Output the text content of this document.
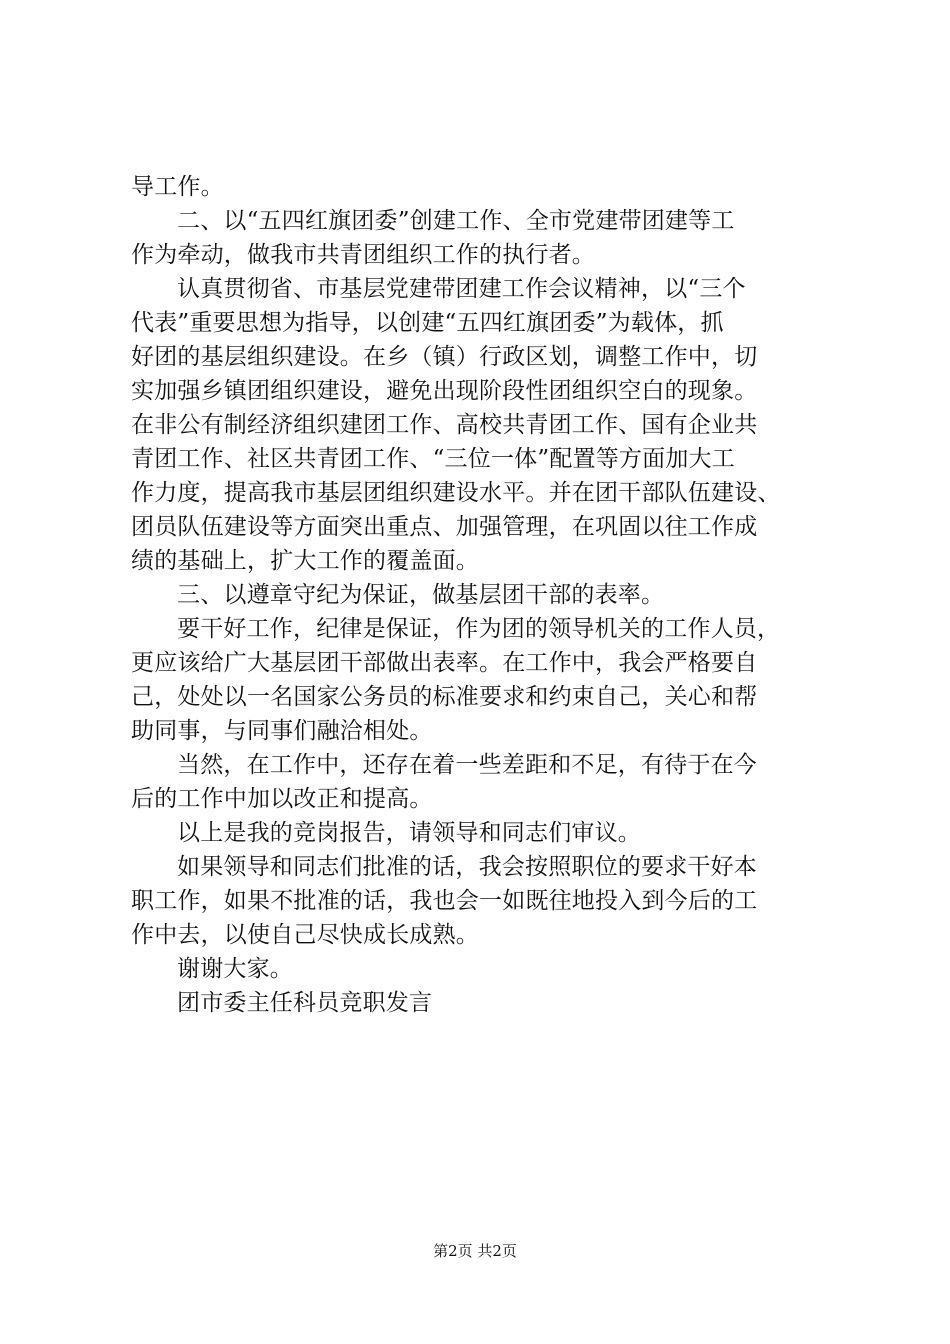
导工作。
二、以“五四红旗团委”创建工作、全市党建带团建等工
作为牵动，做我市共青团组织工作的执行者。
认真贯彻省、市基层党建带团建工作会议精神，以“三个
代表”重要思想为指导，以创建“五四红旗团委”为载体，抓
好团的基层组织建设。在乡（镇）行政区划，调整工作中，切
实加强乡镇团组织建设，避免出现阶段性团组织空白的现象。
在非公有制经济组织建团工作、高校共青团工作、国有企业共
青团工作、社区共青团工作、“三位一体”配置等方面加大工
作力度，提高我市基层团组织建设水平。并在团干部队伍建设、
团员队伍建设等方面突出重点、加强管理，在巩固以往工作成
绩的基础上，扩大工作的覆盖面。
三、以遵章守纪为保证，做基层团干部的表率。
要干好工作，纪律是保证，作为团的领导机关的工作人员，
更应该给广大基层团干部做出表率。在工作中，我会严格要自
己，处处以一名国家公务员的标准要求和约束自己，关心和帮
助同事，与同事们融洽相处。
当然，在工作中，还存在着一些差距和不足，有待于在今
后的工作中加以改正和提高。
以上是我的竞岗报告，请领导和同志们审议。
如果领导和同志们批准的话，我会按照职位的要求干好本
职工作，如果不批准的话，我也会一如既往地投入到今后的工
作中去，以使自己尽快成长成熟。
谢谢大家。
团市委主任科员竞职发言
第2页 共2页
